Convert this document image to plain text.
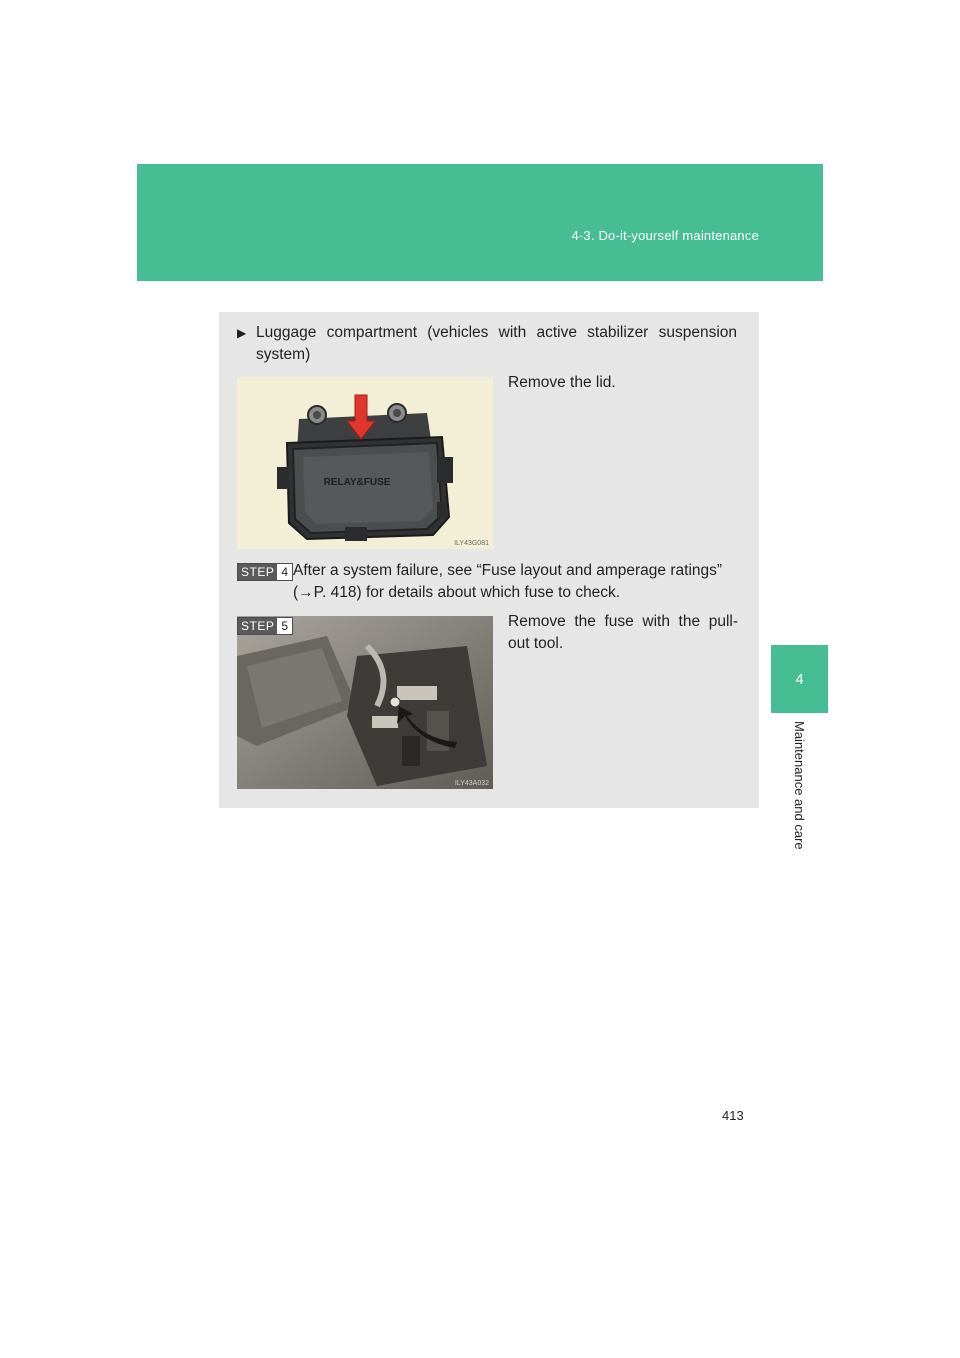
4-3. Do-it-yourself maintenance
4
Maintenance and care
▶ Luggage compartment (vehicles with active stabilizer suspension system)
RELAY&FUSE
ILY43G081
Remove the lid.
STEP 4 After a system failure, see “Fuse layout and amperage ratings”
(→P. 418) for details about which fuse to check.
ILY43A032
STEP 5	Remove the fuse with the pull-out tool.
413
